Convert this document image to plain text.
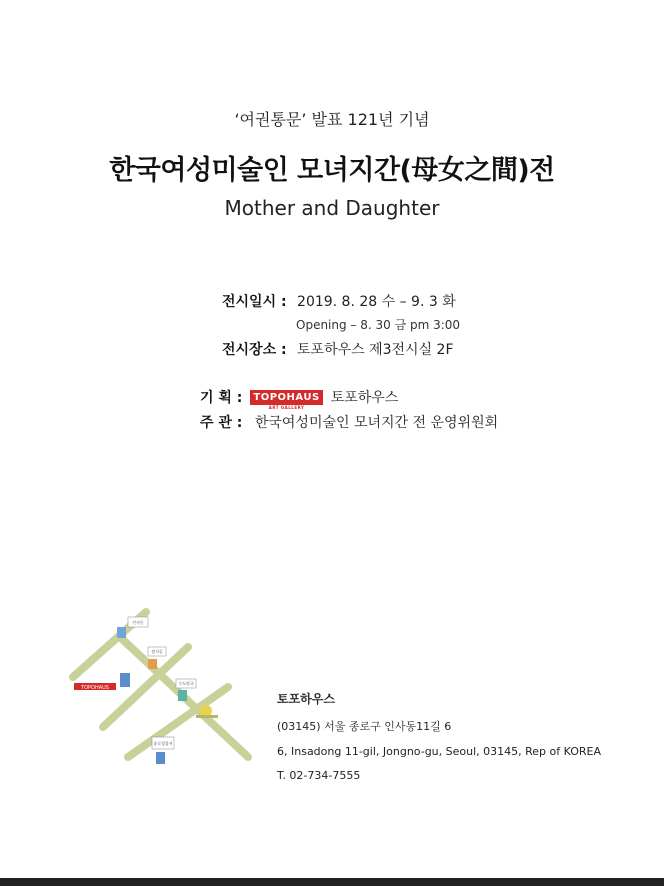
‘여권통문’ 발표 121년 기념
한국여성미술인 모녀지간(母女之間)전
Mother and Daughter
전시일시 : 2019. 8. 28 수 – 9. 3 화
Opening – 8. 30 금 pm 3:00
전시장소 : 토포하우스 제3전시실 2F
기 획 :	TOPOHAUS
ART GALLERY
토포하우스
주 관 : 한국여성미술인 모녀지간 전 운영위원회
TOPOHAUS
인사동
쌈지길
수도약국
종로경찰서
토포하우스
(03145) 서울 종로구 인사동11길 6
6, Insadong 11-gil, Jongno-gu, Seoul, 03145, Rep of KOREA
T. 02-734-7555
